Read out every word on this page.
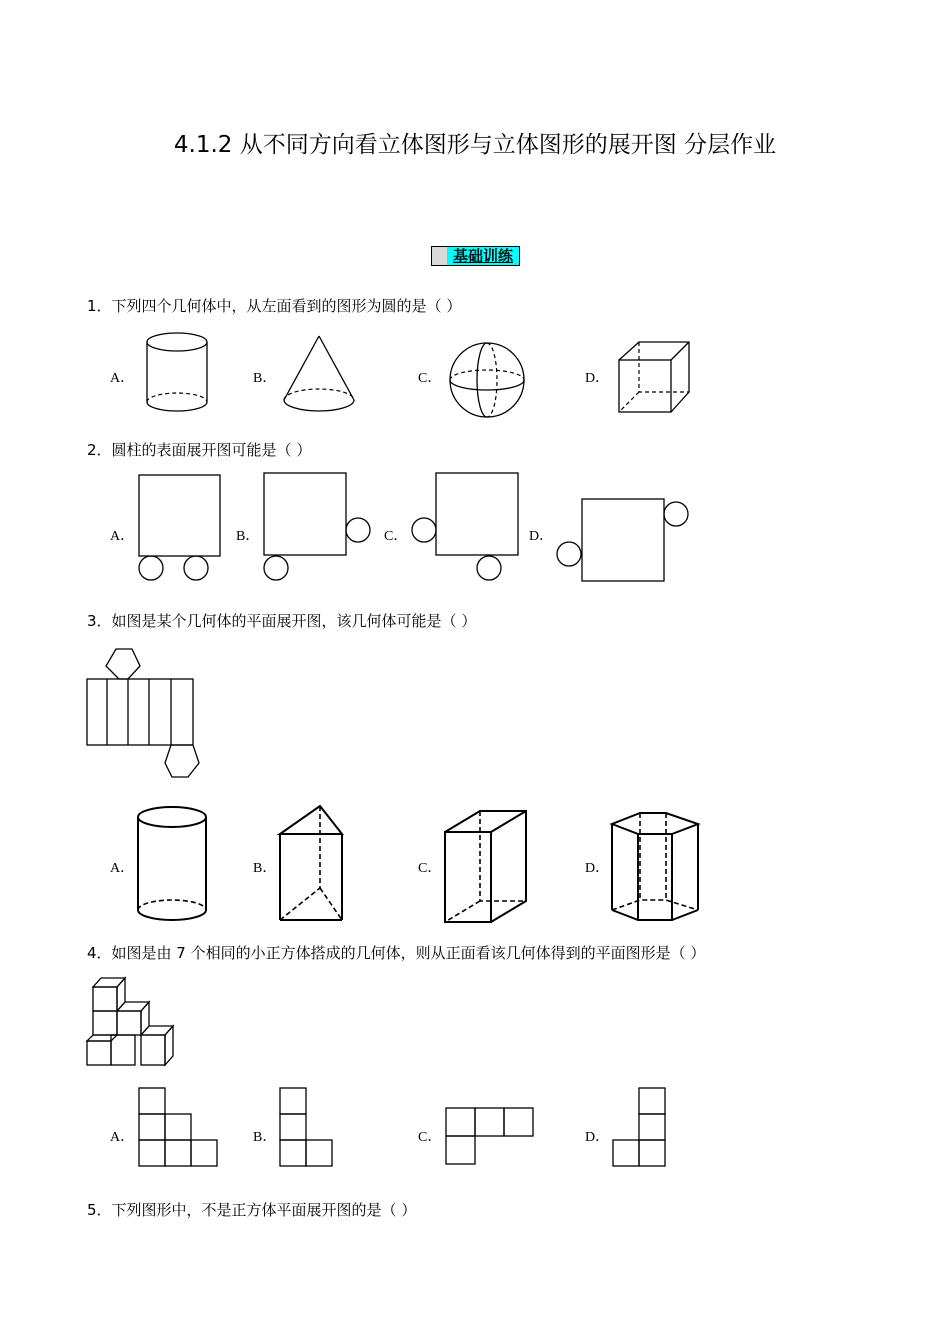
4.1.2 从不同方向看立体图形与立体图形的展开图 分层作业
基础训练
1．下列四个几何体中，从左面看到的图形为圆的是（ ）
A．	B．	C．	D．
2．圆柱的表面展开图可能是（ ）
A．	B．	C．	D．
3．如图是某个几何体的平面展开图，该几何体可能是（ ）
A．	B．	C．	D．
4．如图是由 7 个相同的小正方体搭成的几何体，则从正面看该几何体得到的平面图形是（ ）
A．	B．	C．	D．
5．下列图形中，不是正方体平面展开图的是（ ）
